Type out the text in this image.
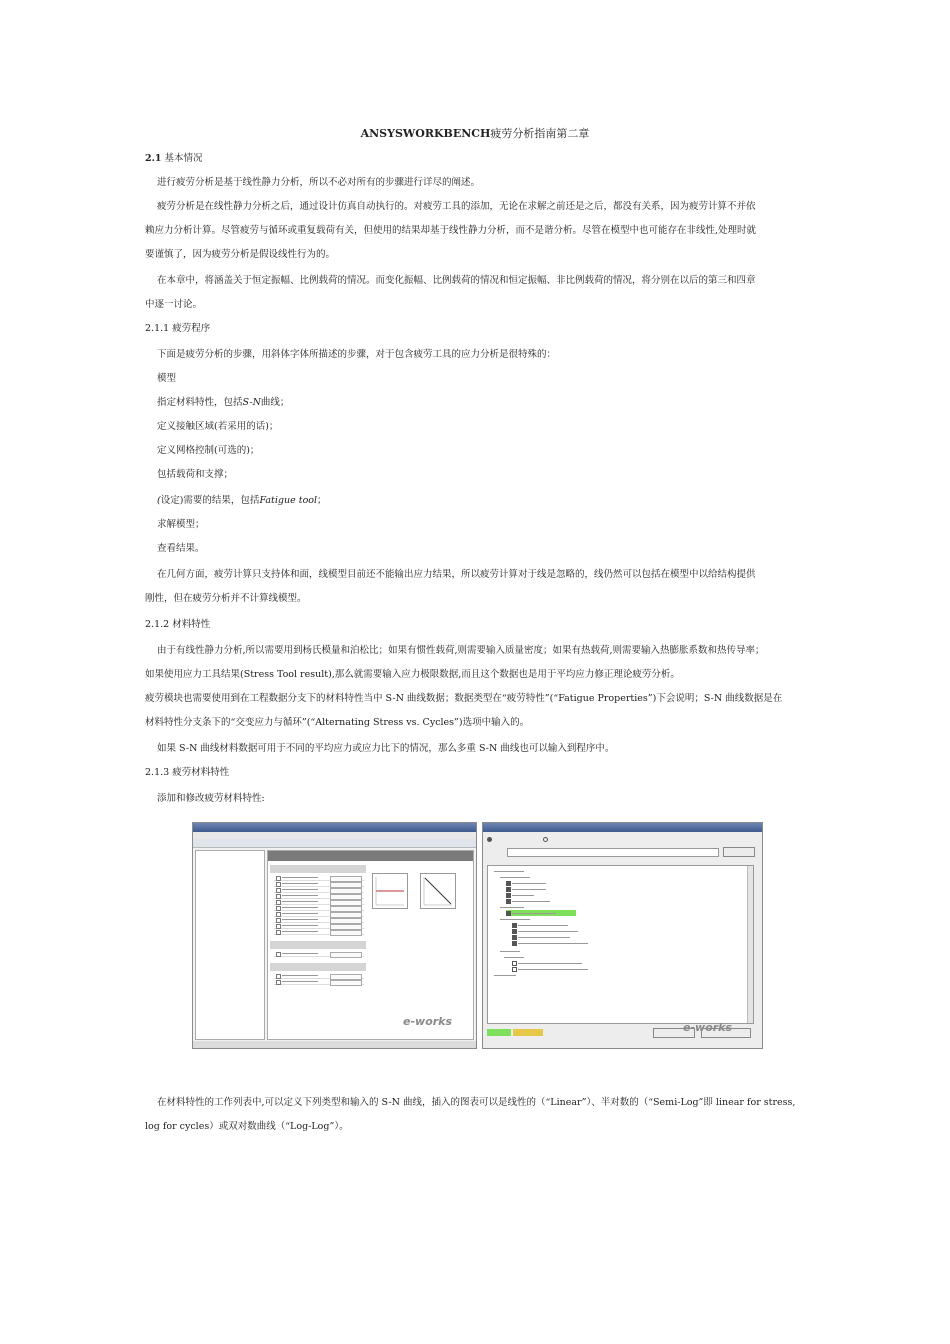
ANSYSWORKBENCH疲劳分析指南第二章
2.1 基本情况
进行疲劳分析是基于线性静力分析，所以不必对所有的步骤进行详尽的阐述。
疲劳分析是在线性静力分析之后，通过设计仿真自动执行的。对疲劳工具的添加，无论在求解之前还是之后，都没有关系，因为疲劳计算不并依
赖应力分析计算。尽管疲劳与循环或重复载荷有关，但使用的结果却基于线性静力分析，而不是谐分析。尽管在模型中也可能存在非线性,处理时就
要谨慎了，因为疲劳分析是假设线性行为的。
在本章中，将涵盖关于恒定振幅、比例载荷的情况。而变化振幅、比例载荷的情况和恒定振幅、非比例载荷的情况，将分别在以后的第三和四章
中逐一讨论。
2.1.1 疲劳程序
下面是疲劳分析的步骤，用斜体字体所描述的步骤，对于包含疲劳工具的应力分析是很特殊的：
模型
指定材料特性，包括S-N曲线；
定义接触区域(若采用的话)；
定义网格控制(可选的)；
包括载荷和支撑；
(设定)需要的结果，包括Fatigue tool；
求解模型；
查看结果。
在几何方面，疲劳计算只支持体和面，线模型目前还不能输出应力结果，所以疲劳计算对于线是忽略的，线仍然可以包括在模型中以给结构提供
刚性，但在疲劳分析并不计算线模型。
2.1.2 材料特性
由于有线性静力分析,所以需要用到杨氏模量和泊松比；如果有惯性载荷,则需要输入质量密度；如果有热载荷,则需要输入热膨胀系数和热传导率；
如果使用应力工具结果(Stress Tool result),那么就需要输入应力极限数据,而且这个数据也是用于平均应力修正理论疲劳分析。
疲劳模块也需要使用到在工程数据分支下的材料特性当中 S-N 曲线数据；数据类型在“疲劳特性”(“Fatigue Properties”)下会说明；S-N 曲线数据是在
材料特性分支条下的“交变应力与循环”(“Alternating Stress vs. Cycles”)选项中输入的。
如果 S-N 曲线材料数据可用于不同的平均应力或应力比下的情况，那么多重 S-N 曲线也可以输入到程序中。
2.1.3 疲劳材料特性
添加和修改疲劳材料特性:
在材料特性的工作列表中,可以定义下列类型和输入的 S-N 曲线，插入的图表可以是线性的（“Linear”）、半对数的（“Semi-Log”即 linear for stress,
log for cycles）或双对数曲线（“Log-Log”）。
e-works	e-works
